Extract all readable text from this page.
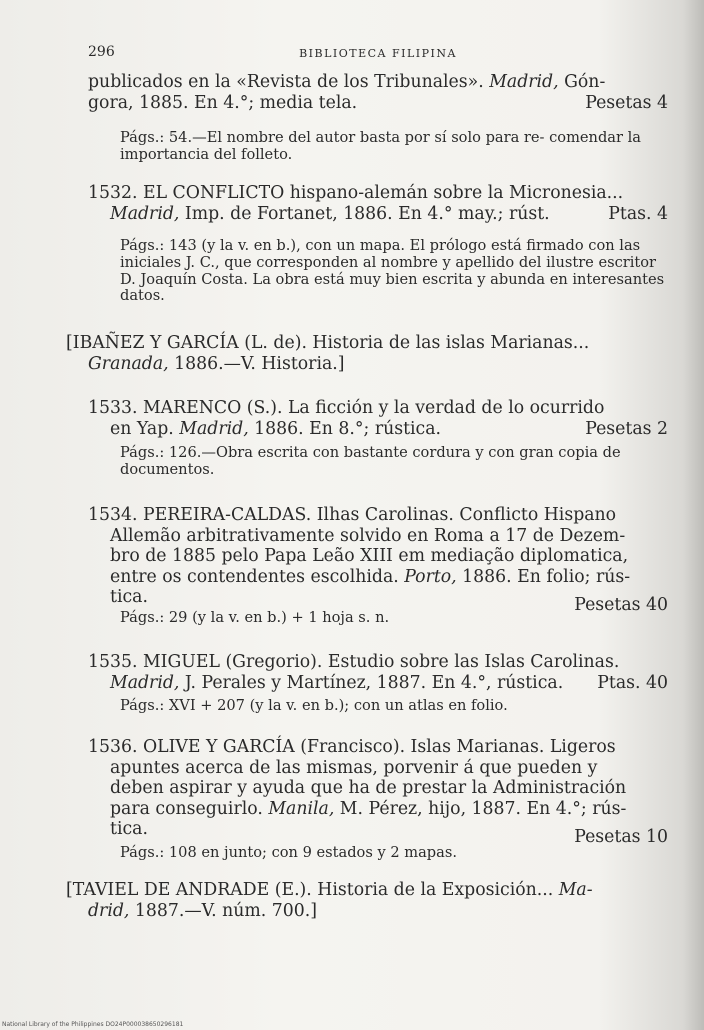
296	BIBLIOTECA FILIPINA
publicados en la «Revista de los Tribunales». Madrid, Gón-
gora, 1885. En 4.°; media tela.	Pesetas 4
Págs.: 54.—El nombre del autor basta por sí solo para re- comendar la importancia del folleto.
1532. EL CONFLICTO hispano-alemán sobre la Micronesia...
Madrid, Imp. de Fortanet, 1886. En 4.° may.; rúst.	Ptas. 4
Págs.: 143 (y la v. en b.), con un mapa. El prólogo está firmado con las iniciales J. C., que corresponden al nombre y apellido del ilustre escritor D. Joaquín Costa. La obra está muy bien escrita y abunda en interesantes datos.
[IBAÑEZ Y GARCÍA (L. de). Historia de las islas Marianas...
Granada, 1886.—V. Historia.]
1533. MARENCO (S.). La ficción y la verdad de lo ocurrido
en Yap. Madrid, 1886. En 8.°; rústica.	Pesetas 2
Págs.: 126.—Obra escrita con bastante cordura y con gran copia de documentos.
1534. PEREIRA-CALDAS. Ilhas Carolinas. Conflicto Hispano
Allemão arbitrativamente solvido en Roma a 17 de Dezem-
bro de 1885 pelo Papa Leão XIII em mediação diplomatica,
entre os contendentes escolhida. Porto, 1886. En folio; rús-
tica.	Pesetas 40
Págs.: 29 (y la v. en b.) + 1 hoja s. n.
1535. MIGUEL (Gregorio). Estudio sobre las Islas Carolinas.
Madrid, J. Perales y Martínez, 1887. En 4.°, rústica. Ptas. 40
Págs.: XVI + 207 (y la v. en b.); con un atlas en folio.
1536. OLIVE Y GARCÍA (Francisco). Islas Marianas. Ligeros
apuntes acerca de las mismas, porvenir á que pueden y
deben aspirar y ayuda que ha de prestar la Administración
para conseguirlo. Manila, M. Pérez, hijo, 1887. En 4.°; rús-
tica.	Pesetas 10
Págs.: 108 en junto; con 9 estados y 2 mapas.
[TAVIEL DE ANDRADE (E.). Historia de la Exposición... Ma-
drid, 1887.—V. núm. 700.]
National Library of the Philippines DO24P000038650296181
